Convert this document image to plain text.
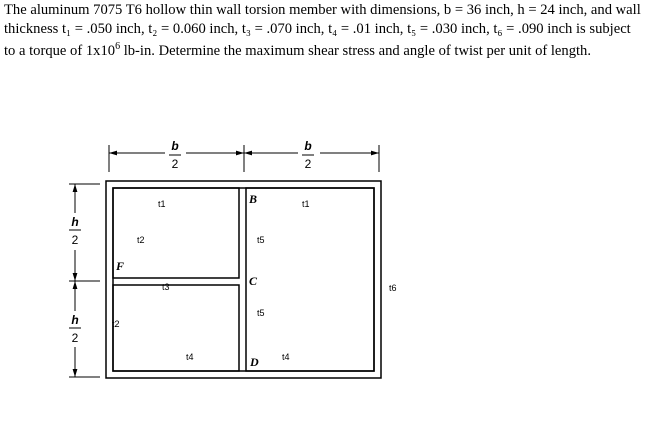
The aluminum 7075 T6 hollow thin wall torsion member with dimensions, b = 36 inch, h = 24 inch, and wall thickness t₁ = .050 inch, t₂ = 0.060 inch, t₃ = .070 inch, t₄ = .01 inch, t₅ = .030 inch, t₆ = .090 inch is subject to a torque of $1x10^6$ lb-in. Determine the maximum shear stress and angle of twist per unit of length.

b
2
b
2
h
2
h
2
t1	t1
t2
t2
t3
t4	t4
t5
t5
t6
B
C
D
F
